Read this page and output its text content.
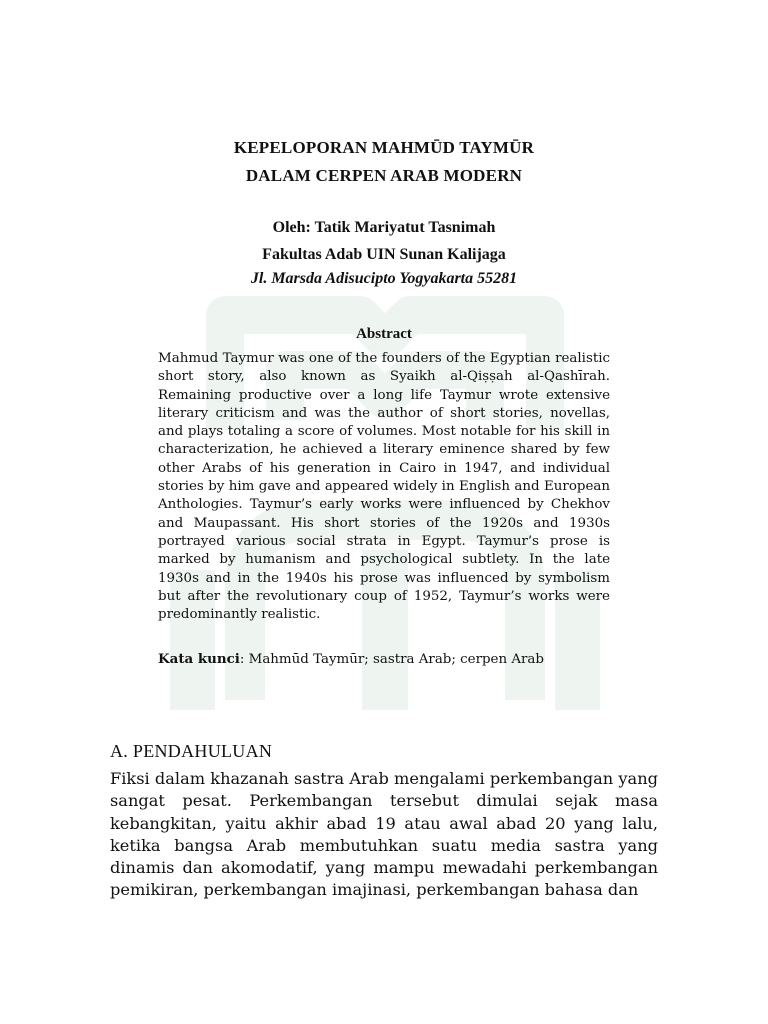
KEPELOPORAN MAHMŪD TAYMŪR
DALAM CERPEN ARAB MODERN
Oleh: Tatik Mariyatut Tasnimah
Fakultas Adab UIN Sunan Kalijaga
Jl. Marsda Adisucipto Yogyakarta 55281
Abstract
Mahmud Taymur was one of the founders of the Egyptian realistic short story, also known as Syaikh al-Qiṣṣah al-Qashīrah. Remaining productive over a long life Taymur wrote extensive literary criticism and was the author of short stories, novellas, and plays totaling a score of volumes. Most notable for his skill in characterization, he achieved a literary eminence shared by few other Arabs of his generation in Cairo in 1947, and individual stories by him gave and appeared widely in English and European Anthologies. Taymur’s early works were influenced by Chekhov and Maupassant. His short stories of the 1920s and 1930s portrayed various social strata in Egypt. Taymur’s prose is marked by humanism and psychological subtlety. In the late 1930s and in the 1940s his prose was influenced by symbolism but after the revolutionary coup of 1952, Taymur’s works were predominantly realistic.
Kata kunci: Mahmūd Taymūr; sastra Arab; cerpen Arab
A. PENDAHULUAN
Fiksi dalam khazanah sastra Arab mengalami perkembangan yang sangat pesat. Perkembangan tersebut dimulai sejak masa kebangkitan, yaitu akhir abad 19 atau awal abad 20 yang lalu, ketika bangsa Arab membutuhkan suatu media sastra yang dinamis dan akomodatif, yang mampu mewadahi perkembangan pemikiran, perkembangan imajinasi, perkembangan bahasa dan
